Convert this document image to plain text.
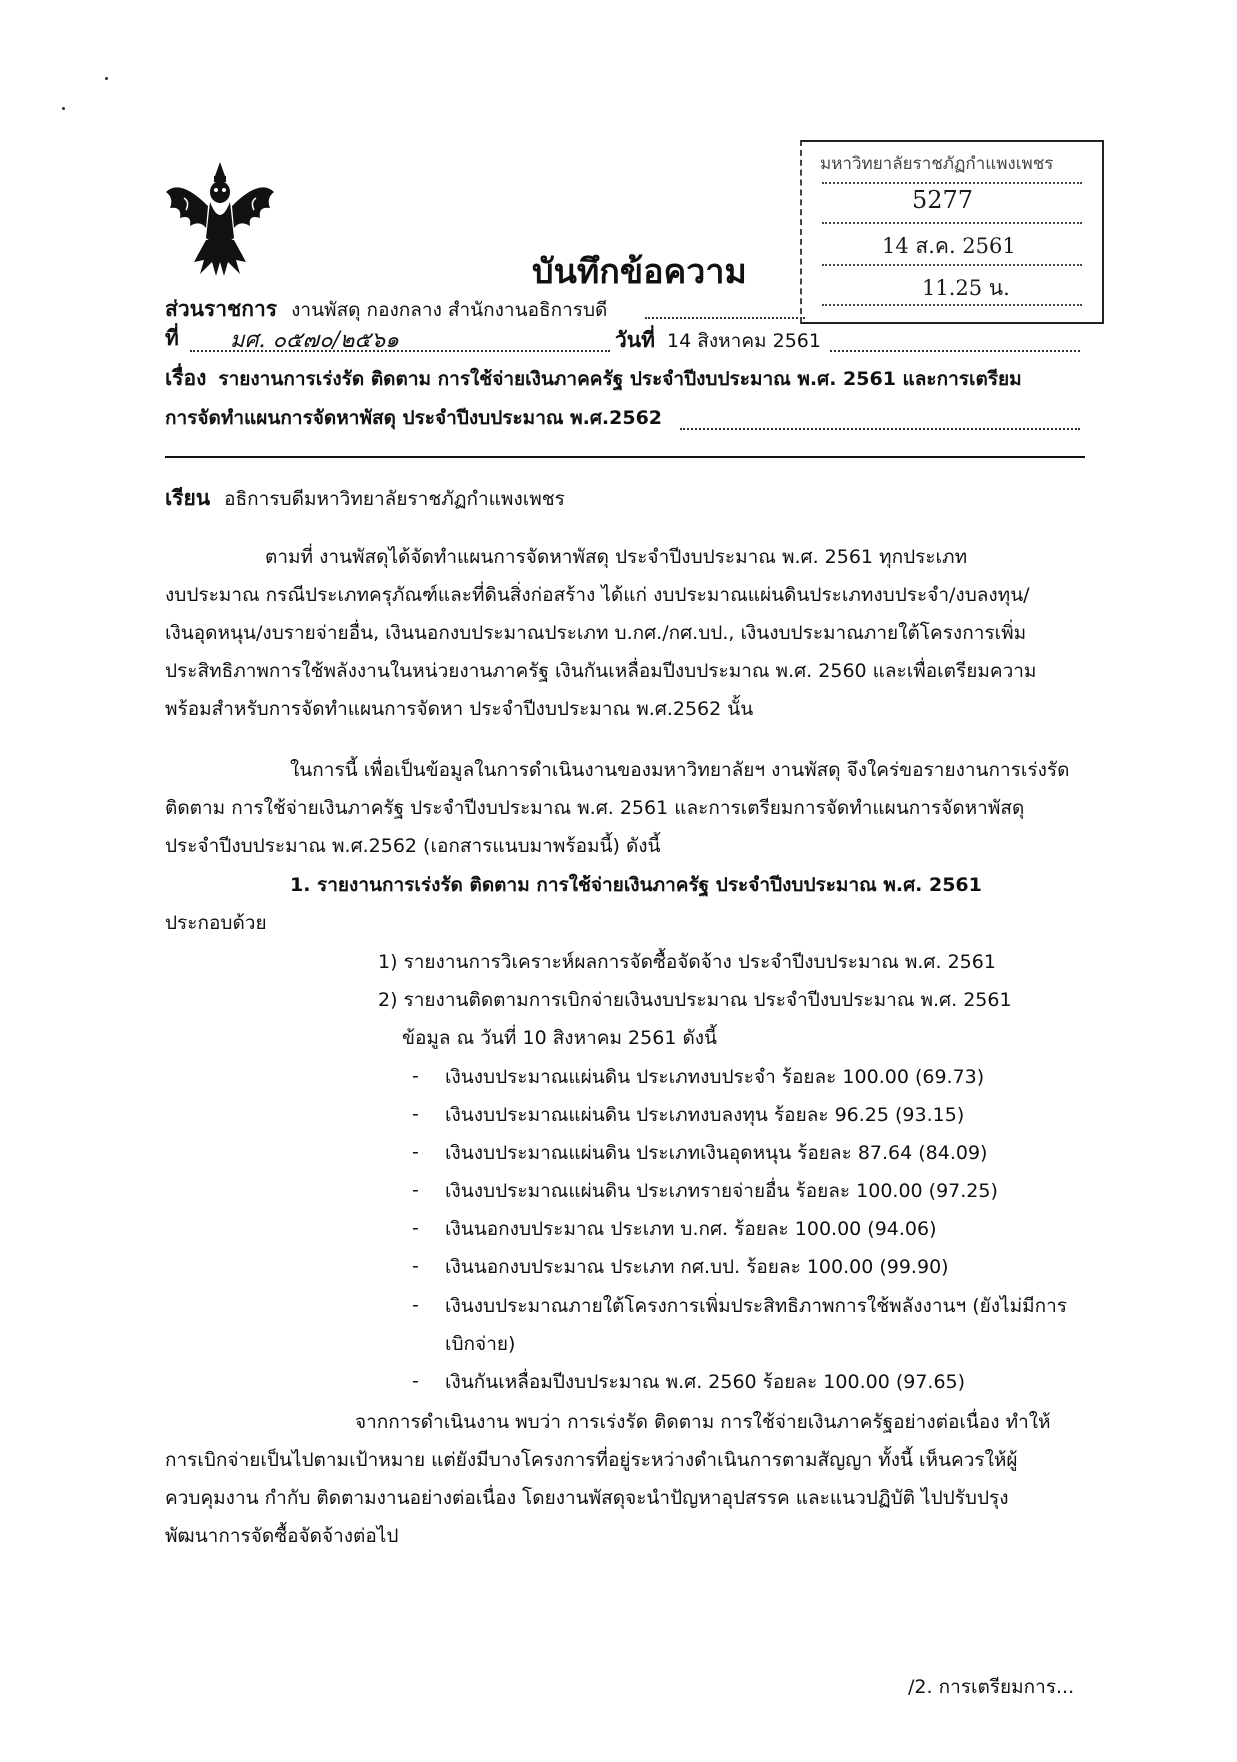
บันทึกข้อความ
มหาวิทยาลัยราชภัฏกำแพงเพชร
5277
14 ส.ค. 2561
11.25 น.
ส่วนราชการ งานพัสดุ กองกลาง สำนักงานอธิการบดี
ที่ มศ. ๐๕๗๐/๒๕๖๑	วันที่ 14 สิงหาคม 2561
เรื่อง รายงานการเร่งรัด ติดตาม การใช้จ่ายเงินภาคครัฐ ประจำปีงบประมาณ พ.ศ. 2561 และการเตรียม
การจัดทำแผนการจัดหาพัสดุ ประจำปีงบประมาณ พ.ศ.2562
เรียน อธิการบดีมหาวิทยาลัยราชภัฏกำแพงเพชร
ตามที่ งานพัสดุได้จัดทำแผนการจัดหาพัสดุ ประจำปีงบประมาณ พ.ศ. 2561 ทุกประเภท
งบประมาณ กรณีประเภทครุภัณฑ์และที่ดินสิ่งก่อสร้าง ได้แก่ งบประมาณแผ่นดินประเภทงบประจำ/งบลงทุน/
เงินอุดหนุน/งบรายจ่ายอื่น, เงินนอกงบประมาณประเภท บ.กศ./กศ.บป., เงินงบประมาณภายใต้โครงการเพิ่ม
ประสิทธิภาพการใช้พลังงานในหน่วยงานภาครัฐ เงินกันเหลื่อมปีงบประมาณ พ.ศ. 2560 และเพื่อเตรียมความ
พร้อมสำหรับการจัดทำแผนการจัดหา ประจำปีงบประมาณ พ.ศ.2562 นั้น
ในการนี้ เพื่อเป็นข้อมูลในการดำเนินงานของมหาวิทยาลัยฯ งานพัสดุ จึงใคร่ขอรายงานการเร่งรัด
ติดตาม การใช้จ่ายเงินภาครัฐ ประจำปีงบประมาณ พ.ศ. 2561 และการเตรียมการจัดทำแผนการจัดหาพัสดุ
ประจำปีงบประมาณ พ.ศ.2562 (เอกสารแนบมาพร้อมนี้) ดังนี้
1. รายงานการเร่งรัด ติดตาม การใช้จ่ายเงินภาครัฐ ประจำปีงบประมาณ พ.ศ. 2561
ประกอบด้วย
1) รายงานการวิเคราะห์ผลการจัดซื้อจัดจ้าง ประจำปีงบประมาณ พ.ศ. 2561
2) รายงานติดตามการเบิกจ่ายเงินงบประมาณ ประจำปีงบประมาณ พ.ศ. 2561
ข้อมูล ณ วันที่ 10 สิงหาคม 2561 ดังนี้
- เงินงบประมาณแผ่นดิน ประเภทงบประจำ ร้อยละ 100.00 (69.73)
- เงินงบประมาณแผ่นดิน ประเภทงบลงทุน ร้อยละ 96.25 (93.15)
- เงินงบประมาณแผ่นดิน ประเภทเงินอุดหนุน ร้อยละ 87.64 (84.09)
- เงินงบประมาณแผ่นดิน ประเภทรายจ่ายอื่น ร้อยละ 100.00 (97.25)
- เงินนอกงบประมาณ ประเภท บ.กศ. ร้อยละ 100.00 (94.06)
- เงินนอกงบประมาณ ประเภท กศ.บป. ร้อยละ 100.00 (99.90)
- เงินงบประมาณภายใต้โครงการเพิ่มประสิทธิภาพการใช้พลังงานฯ (ยังไม่มีการ
เบิกจ่าย)
- เงินกันเหลื่อมปีงบประมาณ พ.ศ. 2560 ร้อยละ 100.00 (97.65)
จากการดำเนินงาน พบว่า การเร่งรัด ติดตาม การใช้จ่ายเงินภาครัฐอย่างต่อเนื่อง ทำให้
การเบิกจ่ายเป็นไปตามเป้าหมาย แต่ยังมีบางโครงการที่อยู่ระหว่างดำเนินการตามสัญญา ทั้งนี้ เห็นควรให้ผู้
ควบคุมงาน กำกับ ติดตามงานอย่างต่อเนื่อง โดยงานพัสดุจะนำปัญหาอุปสรรค และแนวปฏิบัติ ไปปรับปรุง
พัฒนาการจัดซื้อจัดจ้างต่อไป
/2. การเตรียมการ...
